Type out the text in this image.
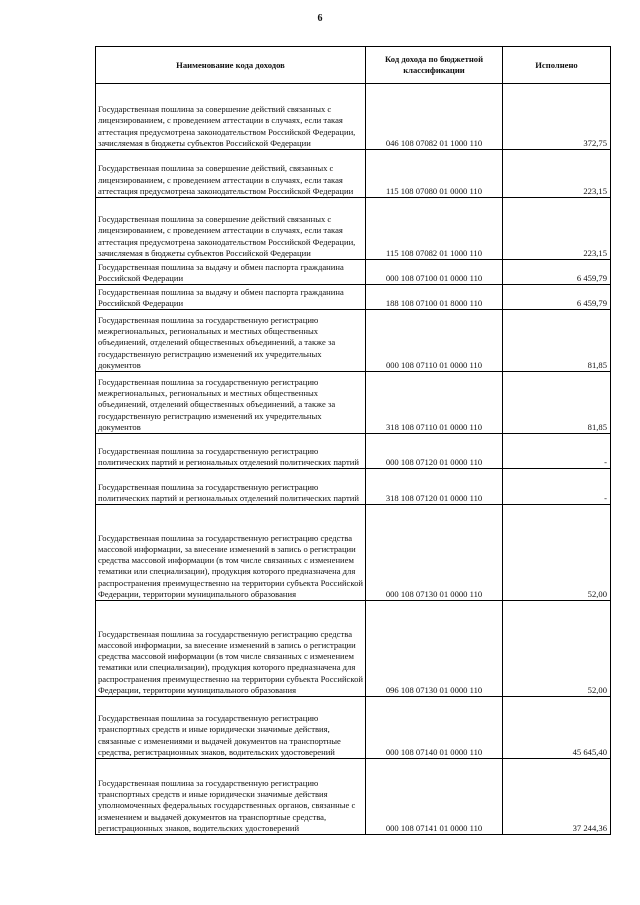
6
Наименование кода доходов	Код дохода по бюджетной классификации	Исполнено
Государственная пошлина за совершение действий связанных с лицензированием, с проведением аттестации в случаях, если такая аттестация предусмотрена законодательством Российской Федерации, зачисляемая в бюджеты субъектов Российской Федерации	046 108 07082 01 1000 110	372,75
Государственная пошлина за совершение действий, связанных с лицензированием, с проведением аттестации в случаях, если такая аттестация предусмотрена законодательством Российской Федерации	115 108 07080 01 0000 110	223,15
Государственная пошлина за совершение действий связанных с лицензированием, с проведением аттестации в случаях, если такая аттестация предусмотрена законодательством Российской Федерации, зачисляемая в бюджеты субъектов Российской Федерации	115 108 07082 01 1000 110	223,15
Государственная пошлина за выдачу и обмен паспорта гражданина Российской Федерации	000 108 07100 01 0000 110	6 459,79
Государственная пошлина за выдачу и обмен паспорта гражданина Российской Федерации	188 108 07100 01 8000 110	6 459,79
Государственная пошлина за государственную регистрацию межрегиональных, региональных и местных общественных объединений, отделений общественных объединений, а также за государственную регистрацию изменений их учредительных документов	000 108 07110 01 0000 110	81,85
Государственная пошлина за государственную регистрацию межрегиональных, региональных и местных общественных объединений, отделений общественных объединений, а также за государственную регистрацию изменений их учредительных документов	318 108 07110 01 0000 110	81,85
Государственная пошлина за государственную регистрацию политических партий и региональных отделений политических партий	000 108 07120 01 0000 110	-
Государственная пошлина за государственную регистрацию политических партий и региональных отделений политических партий	318 108 07120 01 0000 110	-
Государственная пошлина за государственную регистрацию средства массовой информации, за внесение изменений в запись о регистрации средства массовой информации (в том числе связанных с изменением тематики или специализации), продукция которого предназначена для распространения преимущественно на территории субъекта Российской Федерации, территории муниципального образования	000 108 07130 01 0000 110	52,00
Государственная пошлина за государственную регистрацию средства массовой информации, за внесение изменений в запись о регистрации средства массовой информации (в том числе связанных с изменением тематики или специализации), продукция которого предназначена для распространения преимущественно на территории субъекта Российской Федерации, территории муниципального образования	096 108 07130 01 0000 110	52,00
Государственная пошлина за государственную регистрацию транспортных средств и иные юридически значимые действия, связанные с изменениями и выдачей документов на транспортные средства, регистрационных знаков, водительских удостоверений	000 108 07140 01 0000 110	45 645,40
Государственная пошлина за государственную регистрацию транспортных средств и иные юридически значимые действия уполномоченных федеральных государственных органов, связанные с изменением и выдачей документов на транспортные средства, регистрационных знаков, водительских удостоверений	000 108 07141 01 0000 110	37 244,36
